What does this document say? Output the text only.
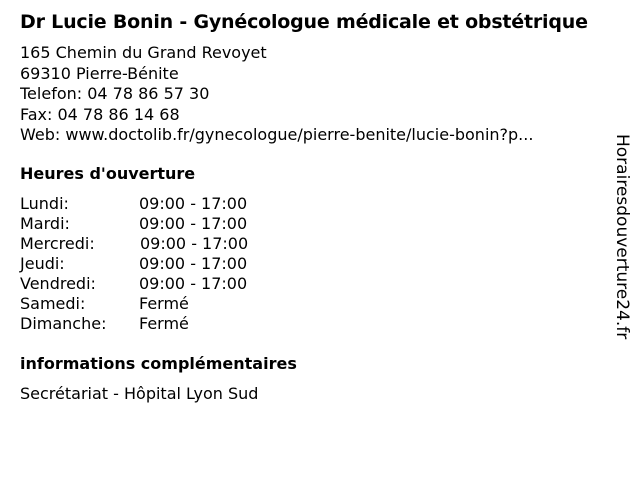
Dr Lucie Bonin - Gynécologue médicale et obstétrique
165 Chemin du Grand Revoyet
69310 Pierre-Bénite
Telefon: 04 78 86 57 30
Fax: 04 78 86 14 68
Web: www.doctolib.fr/gynecologue/pierre-benite/lucie-bonin?p...
Heures d'ouverture
Lundi:	09:00 - 17:00
Mardi:	09:00 - 17:00
Mercredi:	09:00 - 17:00
Jeudi:	09:00 - 17:00
Vendredi:	09:00 - 17:00
Samedi:	Fermé
Dimanche: Fermé
informations complémentaires
Secrétariat - Hôpital Lyon Sud
Horairesdouverture24.fr
